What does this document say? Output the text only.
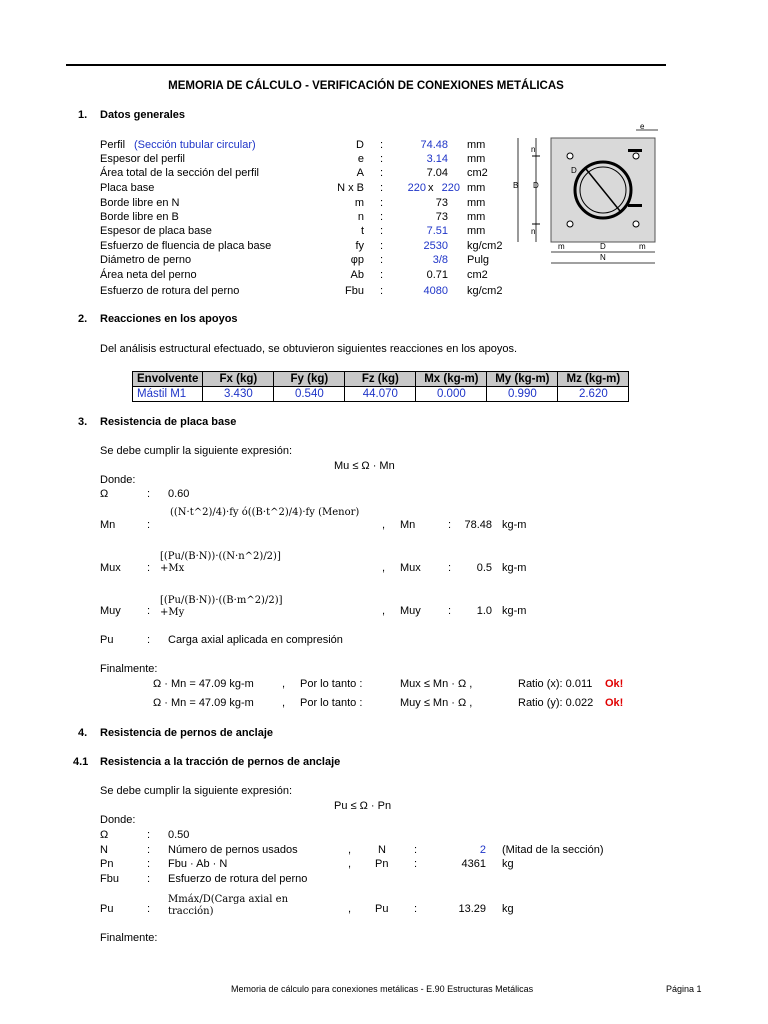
MEMORIA DE CÁLCULO - VERIFICACIÓN DE CONEXIONES METÁLICAS
1. Datos generales
Perfil (Sección tubular circular)	D :	74.48 mm
Espesor del perfil	e :	3.14 mm
Área total de la sección del perfil	A :	7.04 cm2
Placa base	N x B :	220 x 220 mm
Borde libre en N	m :	73 mm
Borde libre en B	n :	73 mm
Espesor de placa base	t :	7.51 mm
Esfuerzo de fluencia de placa base	fy :	2530 kg/cm2
Diámetro de perno	φp :	3/8 Pulg
Área neta del perno	Ab :	0.71 cm2
Esfuerzo de rotura del perno	Fbu :	4080 kg/cm2
e
n
B D
n
D
m	D	m
N
2. Reacciones en los apoyos
Del análisis estructural efectuado, se obtuvieron siguientes reacciones en los apoyos.
Envolvente	Fx (kg)	Fy (kg)	Fz (kg)	Mx (kg-m)	My (kg-m)	Mz (kg-m)
Mástil M1	3.430	0.540	44.070	0.000	0.990	2.620
3. Resistencia de placa base
Se debe cumplir la siguiente expresión:
Mu ≤ Ω · Mn
Donde:
Ω	: 0.60
((N·t^2)/4)·fy ó((B·t^2)/4)·fy (Menor)
Mn	:	, Mn	:	78.48 kg-m
[(Pu/(B·N))·((N·n^2)/2)]
+Mx
Mux :	, Mux :	0.5 kg-m
[(Pu/(B·N))·((B·m^2)/2)]
+My
Muy :	, Muy :	1.0 kg-m
Pu	: Carga axial aplicada en compresión
Finalmente:
Ω · Mn = 47.09 kg-m	, Por lo tanto :	Mux ≤ Mn · Ω ,	Ratio (x): 0.011 Ok!
Ω · Mn = 47.09 kg-m	, Por lo tanto :	Muy ≤ Mn · Ω ,	Ratio (y): 0.022 Ok!
4. Resistencia de pernos de anclaje
4.1 Resistencia a la tracción de pernos de anclaje
Se debe cumplir la siguiente expresión:
Pu ≤ Ω · Pn
Donde:
Ω	: 0.50
N	: Número de pernos usados	, N	:	2 (Mitad de la sección)
Pn	: Fbu · Ab · N	, Pn :	4361 kg
Fbu	: Esfuerzo de rotura del perno
Mmáx/D(Carga axial en
tracción)
Pu	:	, Pu :	13.29 kg
Finalmente:
Memoria de cálculo para conexiones metálicas - E.90 Estructuras Metálicas	Página 1
